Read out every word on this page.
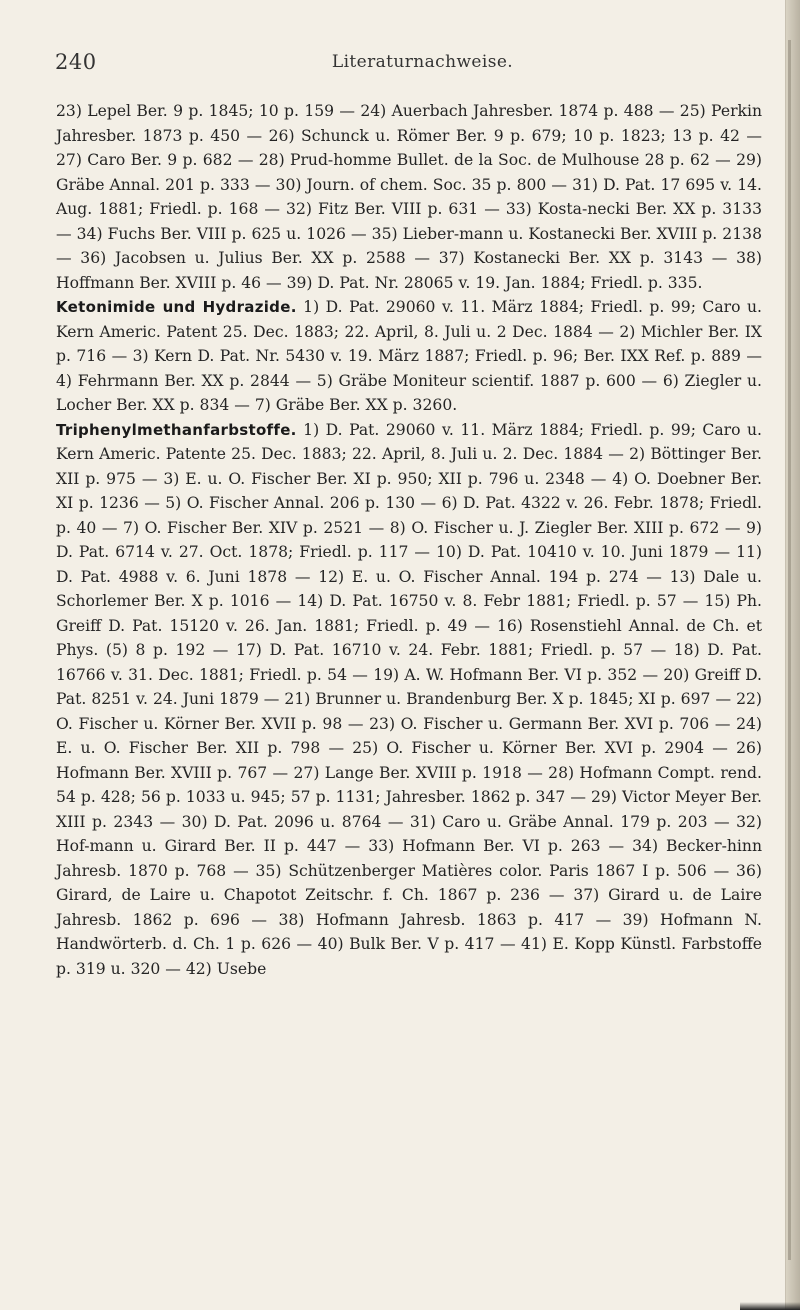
240	Literaturnachweise.

23) Lepel Ber. 9 p. 1845; 10 p. 159 — 24) Auerbach Jahresber. 1874 p. 488 — 25) Perkin Jahresber. 1873 p. 450 — 26) Schunck u. Römer Ber. 9 p. 679; 10 p. 1823; 13 p. 42 — 27) Caro Ber. 9 p. 682 — 28) Prud-homme Bullet. de la Soc. de Mulhouse 28 p. 62 — 29) Gräbe Annal. 201 p. 333 — 30) Journ. of chem. Soc. 35 p. 800 — 31) D. Pat. 17 695 v. 14. Aug. 1881; Friedl. p. 168 — 32) Fitz Ber. VIII p. 631 — 33) Kosta-necki Ber. XX p. 3133 — 34) Fuchs Ber. VIII p. 625 u. 1026 — 35) Lieber-mann u. Kostanecki Ber. XVIII p. 2138 — 36) Jacobsen u. Julius Ber. XX p. 2588 — 37) Kostanecki Ber. XX p. 3143 — 38) Hoffmann Ber. XVIII p. 46 — 39) D. Pat. Nr. 28065 v. 19. Jan. 1884; Friedl. p. 335.

Ketonimide und Hydrazide. 1) D. Pat. 29060 v. 11. März 1884; Friedl. p. 99; Caro u. Kern Americ. Patent 25. Dec. 1883; 22. April, 8. Juli u. 2 Dec. 1884 — 2) Michler Ber. IX p. 716 — 3) Kern D. Pat. Nr. 5430 v. 19. März 1887; Friedl. p. 96; Ber. IXX Ref. p. 889 — 4) Fehrmann Ber. XX p. 2844 — 5) Gräbe Moniteur scientif. 1887 p. 600 — 6) Ziegler u. Locher Ber. XX p. 834 — 7) Gräbe Ber. XX p. 3260.

Triphenylmethanfarbstoffe. 1) D. Pat. 29060 v. 11. März 1884; Friedl. p. 99; Caro u. Kern Americ. Patente 25. Dec. 1883; 22. April, 8. Juli u. 2. Dec. 1884 — 2) Böttinger Ber. XII p. 975 — 3) E. u. O. Fischer Ber. XI p. 950; XII p. 796 u. 2348 — 4) O. Doebner Ber. XI p. 1236 — 5) O. Fischer Annal. 206 p. 130 — 6) D. Pat. 4322 v. 26. Febr. 1878; Friedl. p. 40 — 7) O. Fischer Ber. XIV p. 2521 — 8) O. Fischer u. J. Ziegler Ber. XIII p. 672 — 9) D. Pat. 6714 v. 27. Oct. 1878; Friedl. p. 117 — 10) D. Pat. 10410 v. 10. Juni 1879 — 11) D. Pat. 4988 v. 6. Juni 1878 — 12) E. u. O. Fischer Annal. 194 p. 274 — 13) Dale u. Schorlemer Ber. X p. 1016 — 14) D. Pat. 16750 v. 8. Febr 1881; Friedl. p. 57 — 15) Ph. Greiff D. Pat. 15120 v. 26. Jan. 1881; Friedl. p. 49 — 16) Rosenstiehl Annal. de Ch. et Phys. (5) 8 p. 192 — 17) D. Pat. 16710 v. 24. Febr. 1881; Friedl. p. 57 — 18) D. Pat. 16766 v. 31. Dec. 1881; Friedl. p. 54 — 19) A. W. Hofmann Ber. VI p. 352 — 20) Greiff D. Pat. 8251 v. 24. Juni 1879 — 21) Brunner u. Brandenburg Ber. X p. 1845; XI p. 697 — 22) O. Fischer u. Körner Ber. XVII p. 98 — 23) O. Fischer u. Germann Ber. XVI p. 706 — 24) E. u. O. Fischer Ber. XII p. 798 — 25) O. Fischer u. Körner Ber. XVI p. 2904 — 26) Hofmann Ber. XVIII p. 767 — 27) Lange Ber. XVIII p. 1918 — 28) Hofmann Compt. rend. 54 p. 428; 56 p. 1033 u. 945; 57 p. 1131; Jahresber. 1862 p. 347 — 29) Victor Meyer Ber. XIII p. 2343 — 30) D. Pat. 2096 u. 8764 — 31) Caro u. Gräbe Annal. 179 p. 203 — 32) Hof-mann u. Girard Ber. II p. 447 — 33) Hofmann Ber. VI p. 263 — 34) Becker-hinn Jahresb. 1870 p. 768 — 35) Schützenberger Matières color. Paris 1867 I p. 506 — 36) Girard, de Laire u. Chapotot Zeitschr. f. Ch. 1867 p. 236 — 37) Girard u. de Laire Jahresb. 1862 p. 696 — 38) Hofmann Jahresb. 1863 p. 417 — 39) Hofmann N. Handwörterb. d. Ch. 1 p. 626 — 40) Bulk Ber. V p. 417 — 41) E. Kopp Künstl. Farbstoffe p. 319 u. 320 — 42) Usebe
